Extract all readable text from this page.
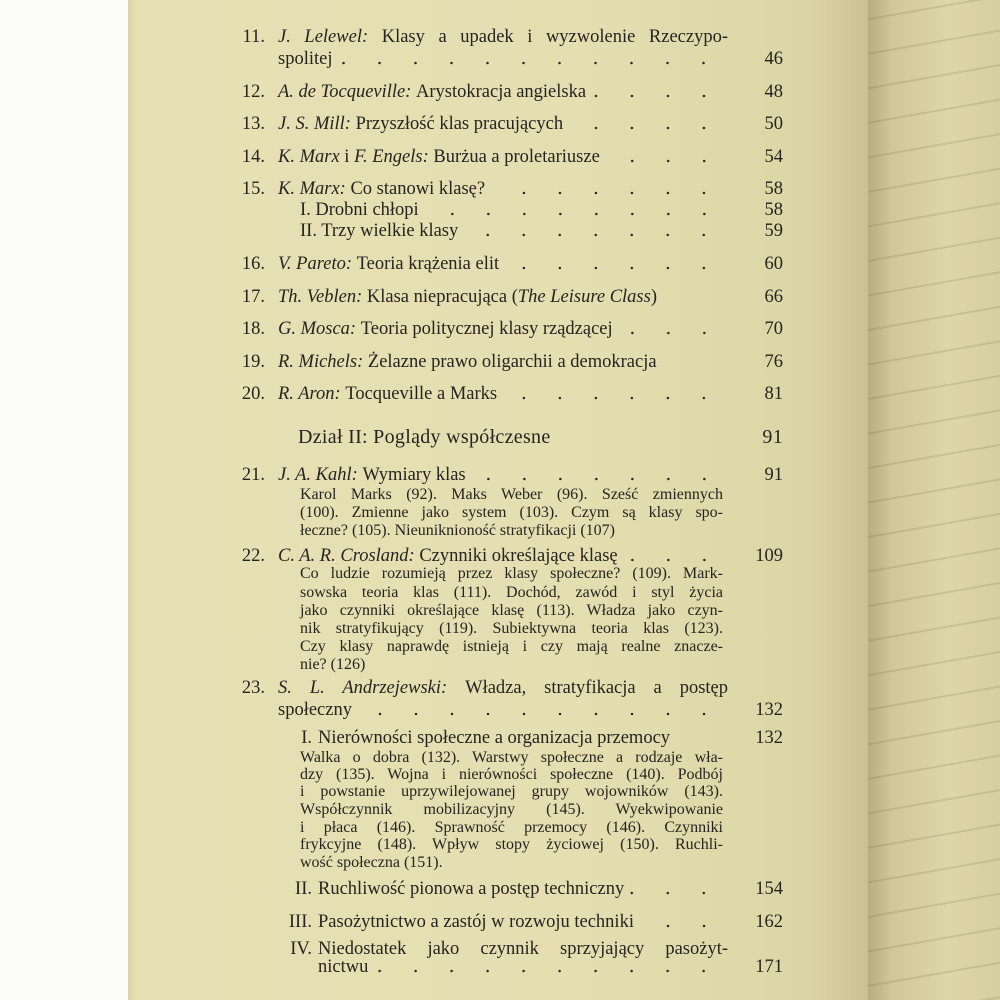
11. J. Lelewel: Klasy a upadek i wyzwolenie Rzeczypo-
spolitej	46
12. A. de Tocqueville:
Arystokracja angielska	48
13. J. S. Mill:
Przyszłość klas pracujących	50
14. K. Marx
i
F. Engels:
Burżua a proletariusze	54
15. K. Marx:
Co stanowi klasę?	58
I. Drobni chłopi	58
II. Trzy wielkie klasy	59
16. V. Pareto:
Teoria krążenia elit	60
17. Th. Veblen:
Klasa niepracująca ( The Leisure Class )	66
18. G. Mosca:
Teoria politycznej klasy rządzącej	70
19. R. Michels:
Żelazne prawo oligarchii a demokracja	76
20. R. Aron:
Tocqueville a Marks	81
Dział II: Poglądy współczesne	91
21. J. A. Kahl:
Wymiary klas	91
Karol Marks (92). Maks Weber (96). Sześć zmiennych
(100). Zmienne jako system (103). Czym są klasy spo-
łeczne? (105). Nieuniknioność stratyfikacji (107)
22. C. A. R. Crosland:
Czynniki określające klasę	109
Co ludzie rozumieją przez klasy społeczne? (109). Mark-
sowska teoria klas (111). Dochód, zawód i styl życia
jako czynniki określające klasę (113). Władza jako czyn-
nik stratyfikujący (119). Subiektywna teoria klas (123).
Czy klasy naprawdę istnieją i czy mają realne znacze-
nie? (126)
23. S. L. Andrzejewski: Władza, stratyfikacja a postęp
społeczny	132
I. Nierówności społeczne a organizacja przemocy	132
Walka o dobra (132). Warstwy społeczne a rodzaje wła-
dzy (135). Wojna i nierówności społeczne (140). Podbój
i powstanie uprzywilejowanej grupy wojowników (143).
Współczynnik mobilizacyjny (145). Wyekwipowanie
i płaca (146). Sprawność przemocy (146). Czynniki
frykcyjne (148). Wpływ stopy życiowej (150). Ruchli-
wość społeczna (151).
II. Ruchliwość pionowa a postęp techniczny	154
III. Pasożytnictwo a zastój w rozwoju techniki	162
IV. Niedostatek jako czynnik sprzyjający pasożyt-
nictwu	171
